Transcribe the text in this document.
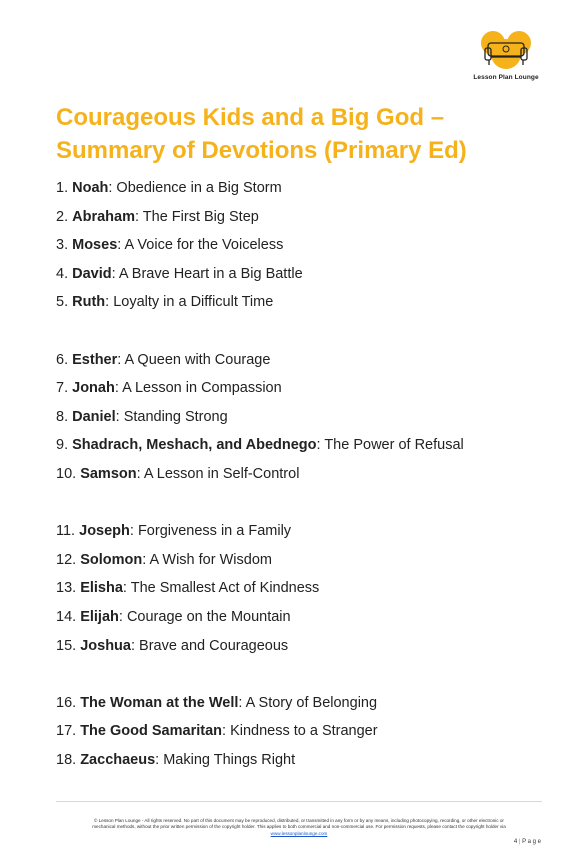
Lesson Plan Lounge
Courageous Kids and a Big God –
Summary of Devotions (Primary Ed)
1. Noah: Obedience in a Big Storm
2. Abraham: The First Big Step
3. Moses: A Voice for the Voiceless
4. David: A Brave Heart in a Big Battle
5. Ruth: Loyalty in a Difficult Time
6. Esther: A Queen with Courage
7. Jonah: A Lesson in Compassion
8. Daniel: Standing Strong
9. Shadrach, Meshach, and Abednego: The Power of Refusal
10. Samson: A Lesson in Self-Control
11. Joseph: Forgiveness in a Family
12. Solomon: A Wish for Wisdom
13. Elisha: The Smallest Act of Kindness
14. Elijah: Courage on the Mountain
15. Joshua: Brave and Courageous
16. The Woman at the Well: A Story of Belonging
17. The Good Samaritan: Kindness to a Stranger
18. Zacchaeus: Making Things Right
© Lesson Plan Lounge - All rights reserved. No part of this document may be reproduced, distributed, or transmitted in any form or by any means, including photocopying, recording, or other electronic or
mechanical methods, without the prior written permission of the copyright holder. This applies to both commercial and non-commercial use. For permission requests, please contact the copyright holder via
www.lessonplanlounge.com
4 | P a g e
